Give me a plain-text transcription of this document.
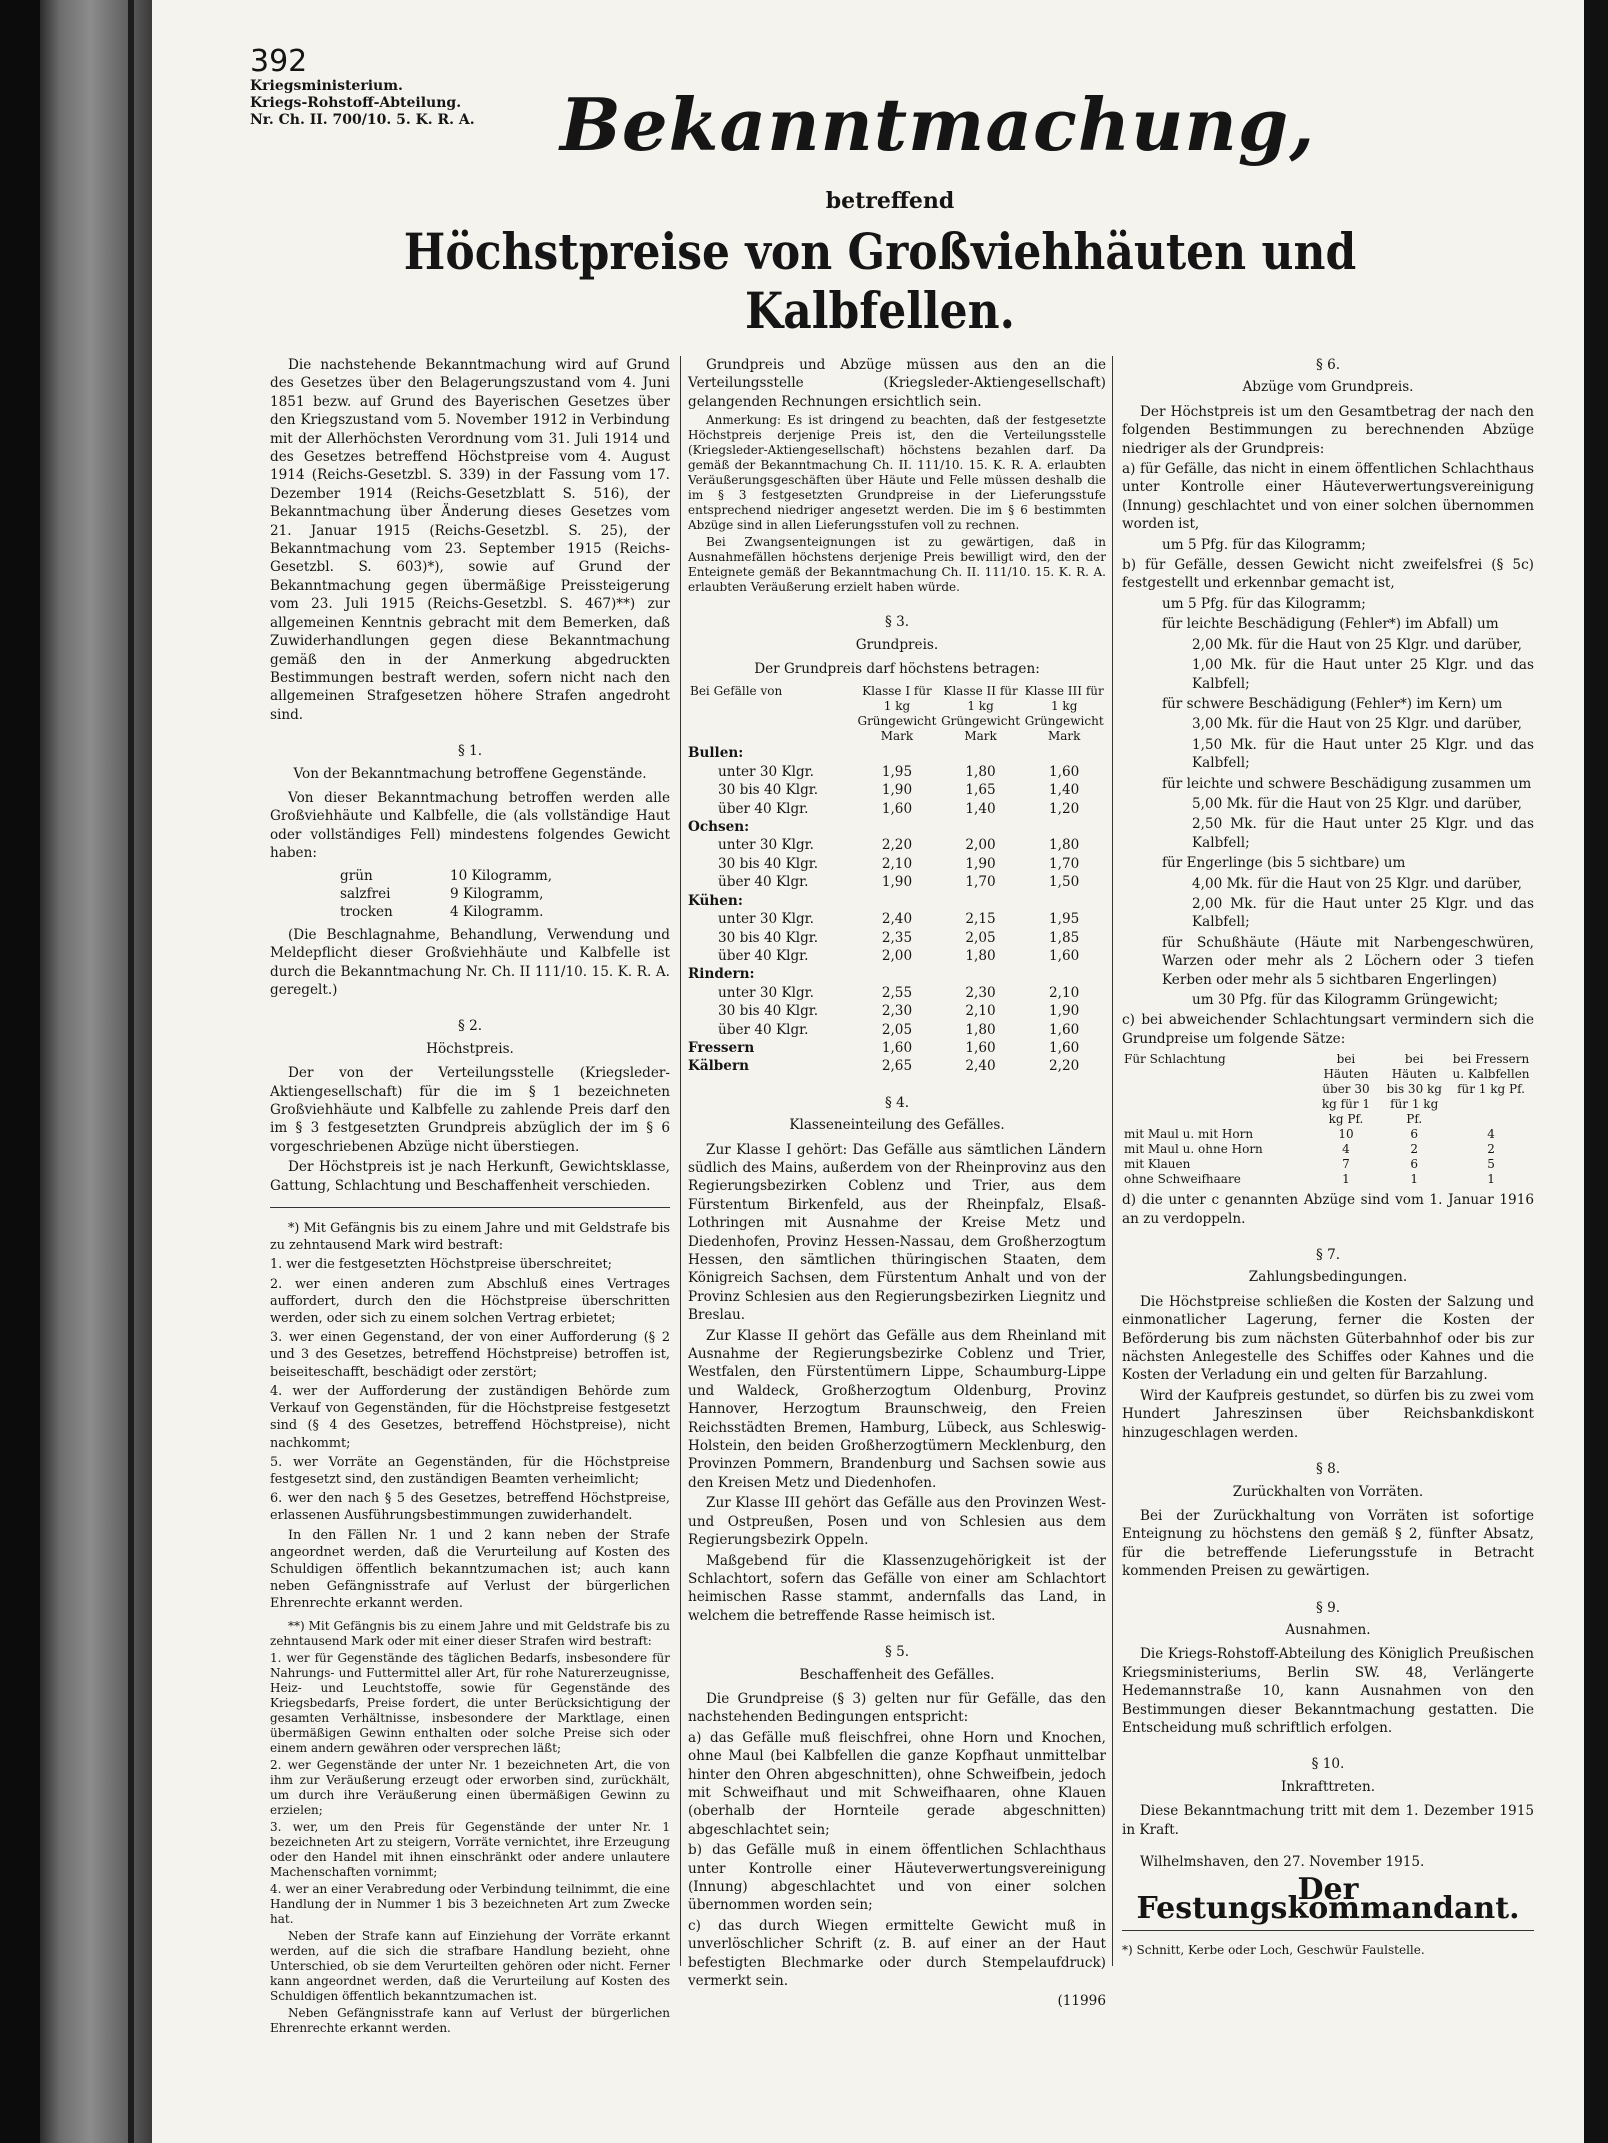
392
Kriegsministerium.
Kriegs-Rohstoff-Abteilung.
Nr. Ch. II. 700/10. 5. K. R. A. Bekanntmachung,
betreffend
Höchstpreise von Großviehhäuten und Kalbfellen.

Die nachstehende Bekanntmachung wird auf Grund des Gesetzes über den Belagerungszustand vom 4. Juni 1851 bezw. auf Grund des Bayerischen Gesetzes über den Kriegszustand vom 5. November 1912 in Verbindung mit der Allerhöchsten Verordnung vom 31. Juli 1914 und des Gesetzes betreffend Höchstpreise vom 4. August 1914 (Reichs-Gesetzbl. S. 339) in der Fassung vom 17. Dezember 1914 (Reichs-Gesetzblatt S. 516), der Bekanntmachung über Änderung dieses Gesetzes vom 21. Januar 1915 (Reichs-Gesetzbl. S. 25), der Bekanntmachung vom 23. September 1915 (Reichs-Gesetzbl. S. 603)*), sowie auf Grund der Bekanntmachung gegen übermäßige Preissteigerung vom 23. Juli 1915 (Reichs-Gesetzbl. S. 467)**) zur allgemeinen Kenntnis gebracht mit dem Bemerken, daß Zuwiderhandlungen gegen diese Bekanntmachung gemäß den in der Anmerkung abgedruckten Bestimmungen bestraft werden, sofern nicht nach den allgemeinen Strafgesetzen höhere Strafen angedroht sind.

§ 1.
Von der Bekanntmachung betroffene Gegenstände.

Von dieser Bekanntmachung betroffen werden alle Großviehhäute und Kalbfelle, die (als vollständige Haut oder vollständiges Fell) mindestens folgendes Gewicht haben:

grün	10 Kilogramm,
salzfrei	9 Kilogramm,
trocken	4 Kilogramm.

(Die Beschlagnahme, Behandlung, Verwendung und Meldepflicht dieser Großviehhäute und Kalbfelle ist durch die Bekanntmachung Nr. Ch. II 111/10. 15. K. R. A. geregelt.)

§ 2.
Höchstpreis.

Der von der Verteilungsstelle (Kriegsleder-Aktiengesellschaft) für die im § 1 bezeichneten Großviehhäute und Kalbfelle zu zahlende Preis darf den im § 3 festgesetzten Grundpreis abzüglich der im § 6 vorgeschriebenen Abzüge nicht überstiegen.

Der Höchstpreis ist je nach Herkunft, Gewichtsklasse, Gattung, Schlachtung und Beschaffenheit verschieden.

*) Mit Gefängnis bis zu einem Jahre und mit Geldstrafe bis zu zehntausend Mark wird bestraft:

1. wer die festgesetzten Höchstpreise überschreitet;

2. wer einen anderen zum Abschluß eines Vertrages auffordert, durch den die Höchstpreise überschritten werden, oder sich zu einem solchen Vertrag erbietet;

3. wer einen Gegenstand, der von einer Aufforderung (§ 2 und 3 des Gesetzes, betreffend Höchstpreise) betroffen ist, beiseiteschafft, beschädigt oder zerstört;

4. wer der Aufforderung der zuständigen Behörde zum Verkauf von Gegenständen, für die Höchstpreise festgesetzt sind (§ 4 des Gesetzes, betreffend Höchstpreise), nicht nachkommt;

5. wer Vorräte an Gegenständen, für die Höchstpreise festgesetzt sind, den zuständigen Beamten verheimlicht;

6. wer den nach § 5 des Gesetzes, betreffend Höchstpreise, erlassenen Ausführungsbestimmungen zuwiderhandelt.

In den Fällen Nr. 1 und 2 kann neben der Strafe angeordnet werden, daß die Verurteilung auf Kosten des Schuldigen öffentlich bekanntzumachen ist; auch kann neben Gefängnisstrafe auf Verlust der bürgerlichen Ehrenrechte erkannt werden.

**) Mit Gefängnis bis zu einem Jahre und mit Geldstrafe bis zu zehntausend Mark oder mit einer dieser Strafen wird bestraft:

1. wer für Gegenstände des täglichen Bedarfs, insbesondere für Nahrungs- und Futtermittel aller Art, für rohe Naturerzeugnisse, Heiz- und Leuchtstoffe, sowie für Gegenstände des Kriegsbedarfs, Preise fordert, die unter Berücksichtigung der gesamten Verhältnisse, insbesondere der Marktlage, einen übermäßigen Gewinn enthalten oder solche Preise sich oder einem andern gewähren oder versprechen läßt;

2. wer Gegenstände der unter Nr. 1 bezeichneten Art, die von ihm zur Veräußerung erzeugt oder erworben sind, zurückhält, um durch ihre Veräußerung einen übermäßigen Gewinn zu erzielen;

3. wer, um den Preis für Gegenstände der unter Nr. 1 bezeichneten Art zu steigern, Vorräte vernichtet, ihre Erzeugung oder den Handel mit ihnen einschränkt oder andere unlautere Machenschaften vornimmt;

4. wer an einer Verabredung oder Verbindung teilnimmt, die eine Handlung der in Nummer 1 bis 3 bezeichneten Art zum Zwecke hat.

Neben der Strafe kann auf Einziehung der Vorräte erkannt werden, auf die sich die strafbare Handlung bezieht, ohne Unterschied, ob sie dem Verurteilten gehören oder nicht. Ferner kann angeordnet werden, daß die Verurteilung auf Kosten des Schuldigen öffentlich bekanntzumachen ist.

Neben Gefängnisstrafe kann auf Verlust der bürgerlichen Ehrenrechte erkannt werden.

Grundpreis und Abzüge müssen aus den an die Verteilungsstelle (Kriegsleder-Aktiengesellschaft) gelangenden Rechnungen ersichtlich sein.

Anmerkung: Es ist dringend zu beachten, daß der festgesetzte Höchstpreis derjenige Preis ist, den die Verteilungsstelle (Kriegsleder-Aktiengesellschaft) höchstens bezahlen darf. Da gemäß der Bekanntmachung Ch. II. 111/10. 15. K. R. A. erlaubten Veräußerungsgeschäften über Häute und Felle müssen deshalb die im § 3 festgesetzten Grundpreise in der Lieferungsstufe entsprechend niedriger angesetzt werden. Die im § 6 bestimmten Abzüge sind in allen Lieferungsstufen voll zu rechnen.

Bei Zwangsenteignungen ist zu gewärtigen, daß in Ausnahmefällen höchstens derjenige Preis bewilligt wird, den der Enteignete gemäß der Bekanntmachung Ch. II. 111/10. 15. K. R. A. erlaubten Veräußerung erzielt haben würde.

§ 3.
Grundpreis.
Der Grundpreis darf höchstens betragen:
Bei Gefälle von	Klasse I für 1 kg Grüngewicht Mark	Klasse II für 1 kg Grüngewicht Mark	Klasse III für 1 kg Grüngewicht Mark
Bullen:			
unter 30 Klgr.	1,95	1,80	1,60
30 bis 40 Klgr.	1,90	1,65	1,40
über 40 Klgr.	1,60	1,40	1,20
Ochsen:			
unter 30 Klgr.	2,20	2,00	1,80
30 bis 40 Klgr.	2,10	1,90	1,70
über 40 Klgr.	1,90	1,70	1,50
Kühen:			
unter 30 Klgr.	2,40	2,15	1,95
30 bis 40 Klgr.	2,35	2,05	1,85
über 40 Klgr.	2,00	1,80	1,60
Rindern:			
unter 30 Klgr.	2,55	2,30	2,10
30 bis 40 Klgr.	2,30	2,10	1,90
über 40 Klgr.	2,05	1,80	1,60
Fressern	1,60	1,60	1,60
Kälbern	2,65	2,40	2,20
§ 4.
Klasseneinteilung des Gefälles.

Zur Klasse I gehört: Das Gefälle aus sämtlichen Ländern südlich des Mains, außerdem von der Rheinprovinz aus den Regierungsbezirken Coblenz und Trier, aus dem Fürstentum Birkenfeld, aus der Rheinpfalz, Elsaß-Lothringen mit Ausnahme der Kreise Metz und Diedenhofen, Provinz Hessen-Nassau, dem Großherzogtum Hessen, den sämtlichen thüringischen Staaten, dem Königreich Sachsen, dem Fürstentum Anhalt und von der Provinz Schlesien aus den Regierungsbezirken Liegnitz und Breslau.

Zur Klasse II gehört das Gefälle aus dem Rheinland mit Ausnahme der Regierungsbezirke Coblenz und Trier, Westfalen, den Fürstentümern Lippe, Schaumburg-Lippe und Waldeck, Großherzogtum Oldenburg, Provinz Hannover, Herzogtum Braunschweig, den Freien Reichsstädten Bremen, Hamburg, Lübeck, aus Schleswig-Holstein, den beiden Großherzogtümern Mecklenburg, den Provinzen Pommern, Brandenburg und Sachsen sowie aus den Kreisen Metz und Diedenhofen.

Zur Klasse III gehört das Gefälle aus den Provinzen West- und Ostpreußen, Posen und von Schlesien aus dem Regierungsbezirk Oppeln.

Maßgebend für die Klassenzugehörigkeit ist der Schlachtort, sofern das Gefälle von einer am Schlachtort heimischen Rasse stammt, andernfalls das Land, in welchem die betreffende Rasse heimisch ist.

§ 5.
Beschaffenheit des Gefälles.

Die Grundpreise (§ 3) gelten nur für Gefälle, das den nachstehenden Bedingungen entspricht:

a) das Gefälle muß fleischfrei, ohne Horn und Knochen, ohne Maul (bei Kalbfellen die ganze Kopfhaut unmittelbar hinter den Ohren abgeschnitten), ohne Schweifbein, jedoch mit Schweifhaut und mit Schweifhaaren, ohne Klauen (oberhalb der Hornteile gerade abgeschnitten) abgeschlachtet sein;

b) das Gefälle muß in einem öffentlichen Schlachthaus unter Kontrolle einer Häuteverwertungsvereinigung (Innung) abgeschlachtet und von einer solchen übernommen worden sein;

c) das durch Wiegen ermittelte Gewicht muß in unverlöschlicher Schrift (z. B. auf einer an der Haut befestigten Blechmarke oder durch Stempelaufdruck) vermerkt sein.

(11996
§ 6.
Abzüge vom Grundpreis.

Der Höchstpreis ist um den Gesamtbetrag der nach den folgenden Bestimmungen zu berechnenden Abzüge niedriger als der Grundpreis:

a) für Gefälle, das nicht in einem öffentlichen Schlachthaus unter Kontrolle einer Häuteverwertungsvereinigung (Innung) geschlachtet und von einer solchen übernommen worden ist,

um 5 Pfg. für das Kilogramm;

b) für Gefälle, dessen Gewicht nicht zweifelsfrei (§ 5c) festgestellt und erkennbar gemacht ist,

um 5 Pfg. für das Kilogramm;

für leichte Beschädigung (Fehler*) im Abfall) um

2,00 Mk. für die Haut von 25 Klgr. und darüber,

1,00 Mk. für die Haut unter 25 Klgr. und das Kalbfell;

für schwere Beschädigung (Fehler*) im Kern) um

3,00 Mk. für die Haut von 25 Klgr. und darüber,

1,50 Mk. für die Haut unter 25 Klgr. und das Kalbfell;

für leichte und schwere Beschädigung zusammen um

5,00 Mk. für die Haut von 25 Klgr. und darüber,

2,50 Mk. für die Haut unter 25 Klgr. und das Kalbfell;

für Engerlinge (bis 5 sichtbare) um

4,00 Mk. für die Haut von 25 Klgr. und darüber,

2,00 Mk. für die Haut unter 25 Klgr. und das Kalbfell;

für Schußhäute (Häute mit Narbengeschwüren, Warzen oder mehr als 2 Löchern oder 3 tiefen Kerben oder mehr als 5 sichtbaren Engerlingen)

um 30 Pfg. für das Kilogramm Grüngewicht;

c) bei abweichender Schlachtungsart vermindern sich die Grundpreise um folgende Sätze:

Für Schlachtung	bei Häuten über 30 kg für 1 kg Pf.	bei Häuten bis 30 kg für 1 kg Pf.	bei Fressern u. Kalbfellen für 1 kg Pf.
mit Maul u. mit Horn	10	6	4
mit Maul u. ohne Horn	4	2	2
mit Klauen	7	6	5
ohne Schweifhaare	1	1	1

d) die unter c genannten Abzüge sind vom 1. Januar 1916 an zu verdoppeln.

§ 7.
Zahlungsbedingungen.

Die Höchstpreise schließen die Kosten der Salzung und einmonatlicher Lagerung, ferner die Kosten der Beförderung bis zum nächsten Güterbahnhof oder bis zur nächsten Anlegestelle des Schiffes oder Kahnes und die Kosten der Verladung ein und gelten für Barzahlung.

Wird der Kaufpreis gestundet, so dürfen bis zu zwei vom Hundert Jahreszinsen über Reichsbankdiskont hinzugeschlagen werden.

§ 8.
Zurückhalten von Vorräten.

Bei der Zurückhaltung von Vorräten ist sofortige Enteignung zu höchstens den gemäß § 2, fünfter Absatz, für die betreffende Lieferungsstufe in Betracht kommenden Preisen zu gewärtigen.

§ 9.
Ausnahmen.

Die Kriegs-Rohstoff-Abteilung des Königlich Preußischen Kriegsministeriums, Berlin SW. 48, Verlängerte Hedemannstraße 10, kann Ausnahmen von den Bestimmungen dieser Bekanntmachung gestatten. Die Entscheidung muß schriftlich erfolgen.

§ 10.
Inkrafttreten.

Diese Bekanntmachung tritt mit dem 1. Dezember 1915 in Kraft.

Wilhelmshaven, den 27. November 1915.

Der Festungskommandant.
*) Schnitt, Kerbe oder Loch, Geschwür Faulstelle.
